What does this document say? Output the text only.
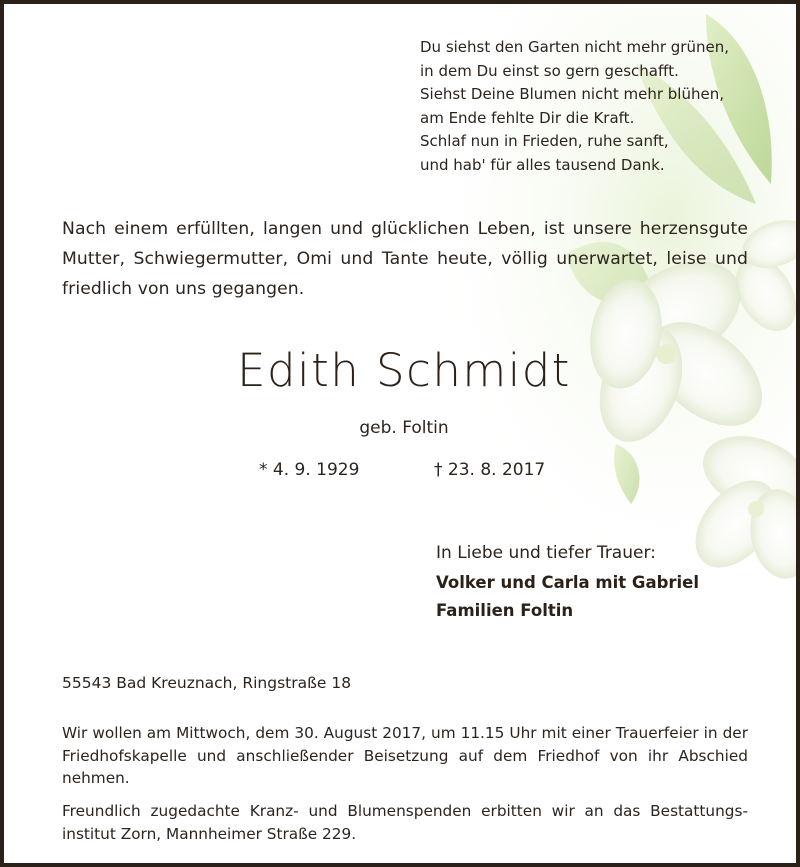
Du siehst den Garten nicht mehr grünen,
in dem Du einst so gern geschafft.
Siehst Deine Blumen nicht mehr blühen,
am Ende fehlte Dir die Kraft.
Schlaf nun in Frieden, ruhe sanft,
und hab' für alles tausend Dank.
Nach einem erfüllten, langen und glücklichen Leben, ist unsere herzensgute Mutter, Schwiegermutter, Omi und Tante heute, völlig unerwartet, leise und friedlich von uns gegangen.
Edith Schmidt
geb. Foltin
* 4. 9. 1929	† 23. 8. 2017
In Liebe und tiefer Trauer:
Volker und Carla mit Gabriel
Familien Foltin
55543 Bad Kreuznach, Ringstraße 18
Wir wollen am Mittwoch, dem 30. August 2017, um 11.15 Uhr mit einer Trauerfeier in der Friedhofskapelle und anschließender Beisetzung auf dem Friedhof von ihr Abschied nehmen.
Freundlich zugedachte Kranz- und Blumenspenden erbitten wir an das Bestattungs-institut Zorn, Mannheimer Straße 229.
